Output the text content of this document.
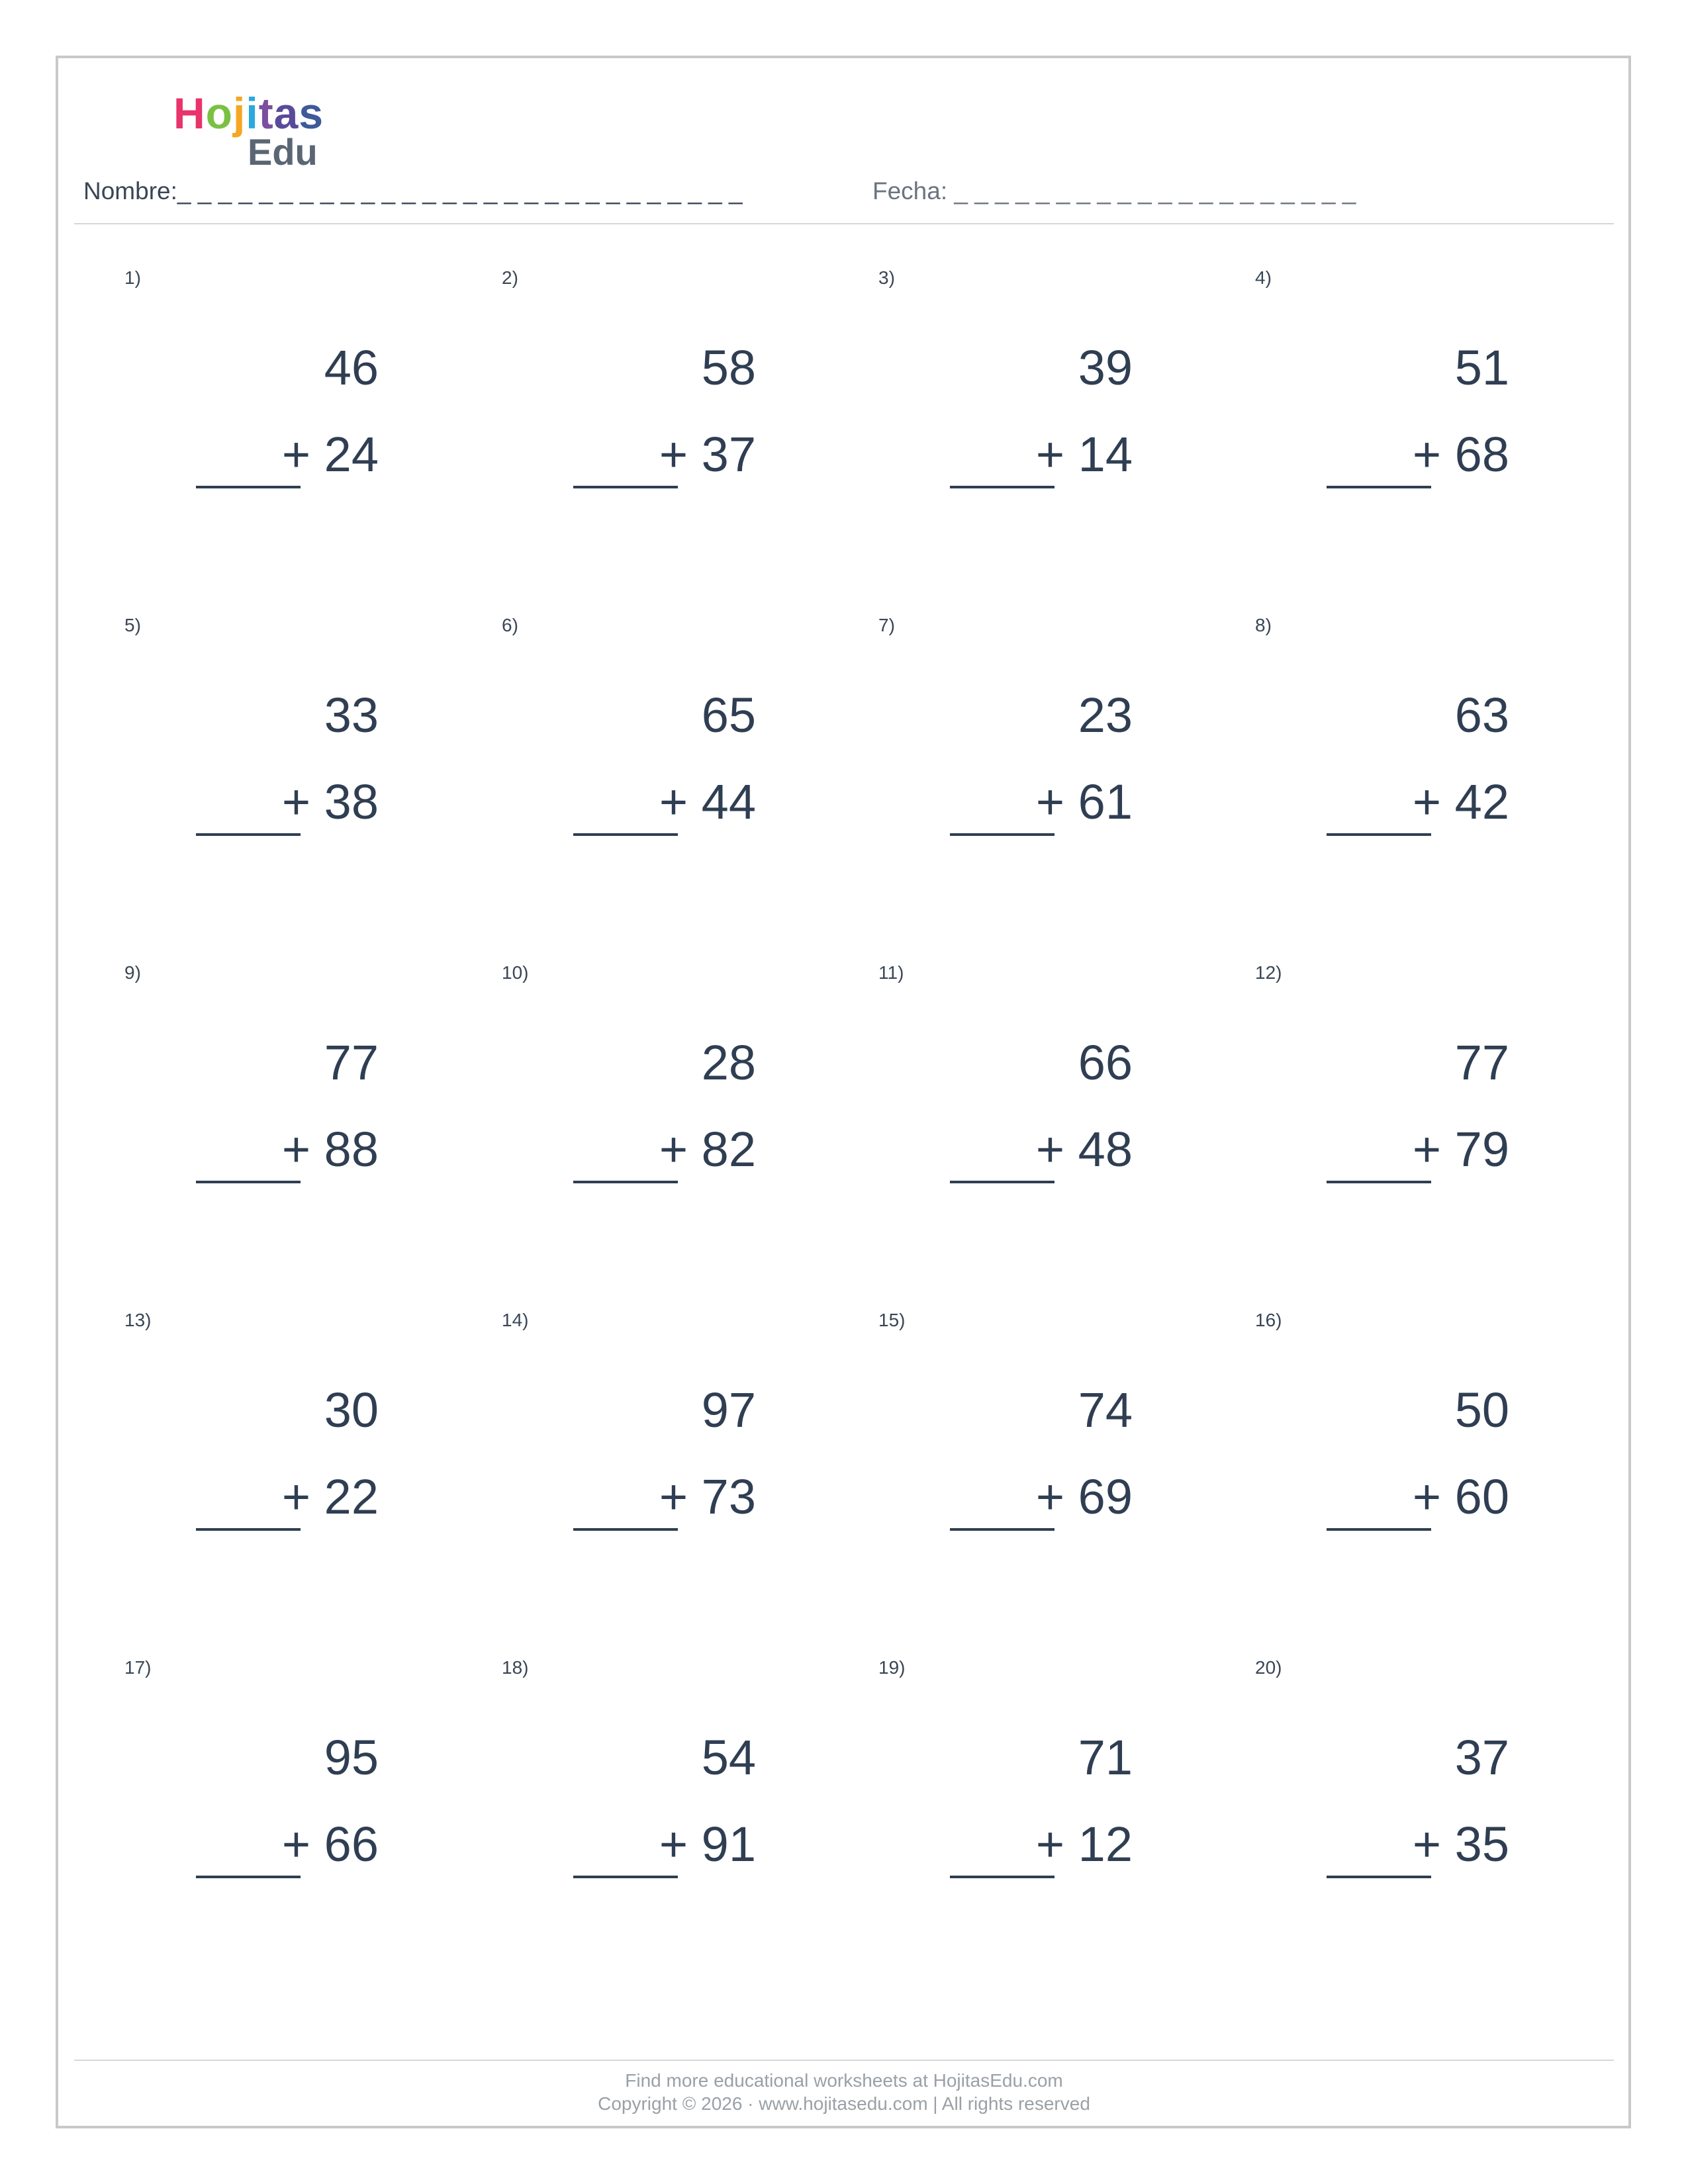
Hojitas
Edu
Nombre:_ _ _ _ _ _ _ _ _ _ _ _ _ _ _ _ _ _ _ _ _ _ _ _ _ _ _ _	Fecha: _ _ _ _ _ _ _ _ _ _ _ _ _ _ _ _ _ _ _ _
1)
46
+ 24
2)
58
+ 37
3)
39
+ 14
4)
51
+ 68
5)
33
+ 38
6)
65
+ 44
7)
23
+ 61
8)
63
+ 42
9)
77
+ 88
10)
28
+ 82
11)
66
+ 48
12)
77
+ 79
13)
30
+ 22
14)
97
+ 73
15)
74
+ 69
16)
50
+ 60
17)
95
+ 66
18)
54
+ 91
19)
71
+ 12
20)
37
+ 35
Find more educational worksheets at HojitasEdu.com
Copyright © 2026 · www.hojitasedu.com | All rights reserved
